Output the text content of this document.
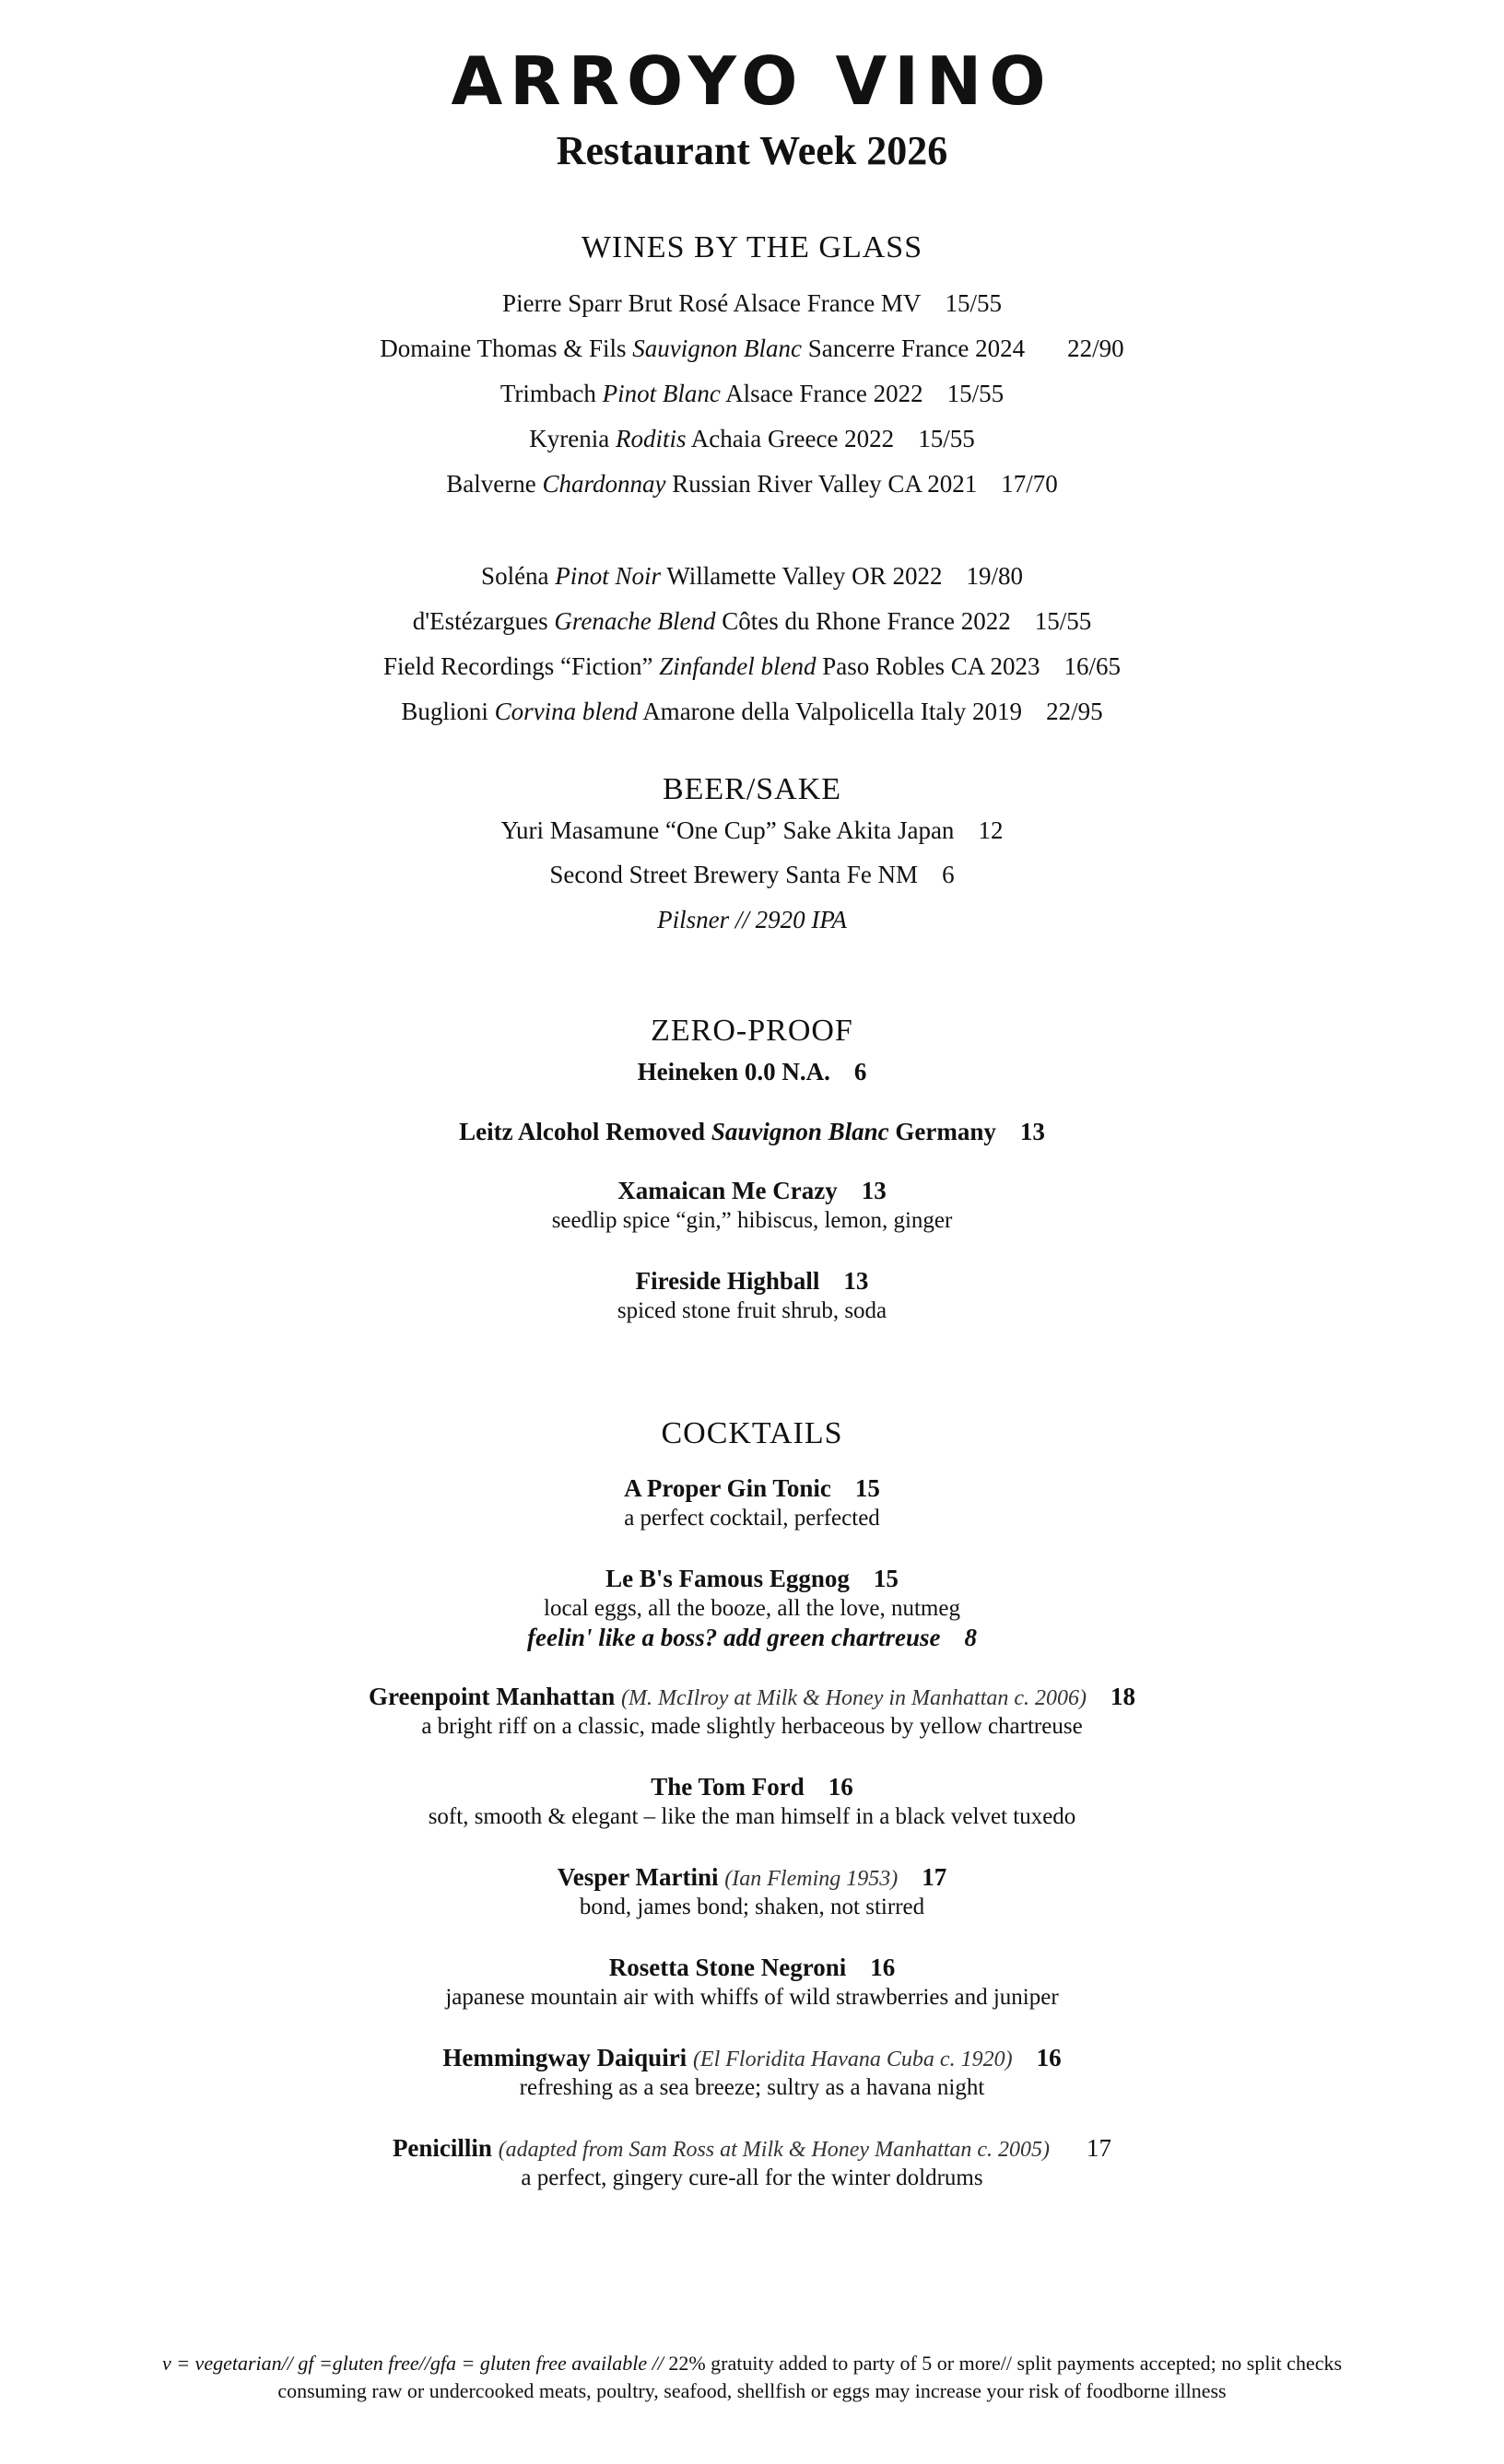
ARROYO VINO
Restaurant Week 2026
WINES BY THE GLASS
Pierre Sparr Brut Rosé Alsace France MV 15/55
Domaine Thomas & Fils Sauvignon Blanc Sancerre France 2024 22/90
Trimbach Pinot Blanc Alsace France 2022 15/55
Kyrenia Roditis Achaia Greece 2022 15/55
Balverne Chardonnay Russian River Valley CA 2021 17/70
Soléna Pinot Noir Willamette Valley OR 2022 19/80
d'Estézargues Grenache Blend Côtes du Rhone France 2022 15/55
Field Recordings “Fiction” Zinfandel blend Paso Robles CA 2023 16/65
Buglioni Corvina blend Amarone della Valpolicella Italy 2019 22/95
BEER/SAKE
Yuri Masamune “One Cup” Sake Akita Japan 12
Second Street Brewery Santa Fe NM 6
Pilsner // 2920 IPA
ZERO-PROOF
Heineken 0.0 N.A. 6
Leitz Alcohol Removed Sauvignon Blanc Germany 13
Xamaican Me Crazy 13
seedlip spice “gin,” hibiscus, lemon, ginger
Fireside Highball 13
spiced stone fruit shrub, soda
COCKTAILS
A Proper Gin Tonic 15
a perfect cocktail, perfected
Le B's Famous Eggnog 15
local eggs, all the booze, all the love, nutmeg
feelin' like a boss? add green chartreuse 8
Greenpoint Manhattan (M. McIlroy at Milk & Honey in Manhattan c. 2006) 18
a bright riff on a classic, made slightly herbaceous by yellow chartreuse
The Tom Ford 16
soft, smooth & elegant – like the man himself in a black velvet tuxedo
Vesper Martini (Ian Fleming 1953) 17
bond, james bond; shaken, not stirred
Rosetta Stone Negroni 16
japanese mountain air with whiffs of wild strawberries and juniper
Hemmingway Daiquiri (El Floridita Havana Cuba c. 1920) 16
refreshing as a sea breeze; sultry as a havana night
Penicillin (adapted from Sam Ross at Milk & Honey Manhattan c. 2005) 17
a perfect, gingery cure-all for the winter doldrums
v = vegetarian// gf =gluten free//gfa = gluten free available // 22% gratuity added to party of 5 or more// split payments accepted; no split checks
consuming raw or undercooked meats, poultry, seafood, shellfish or eggs may increase your risk of foodborne illness
